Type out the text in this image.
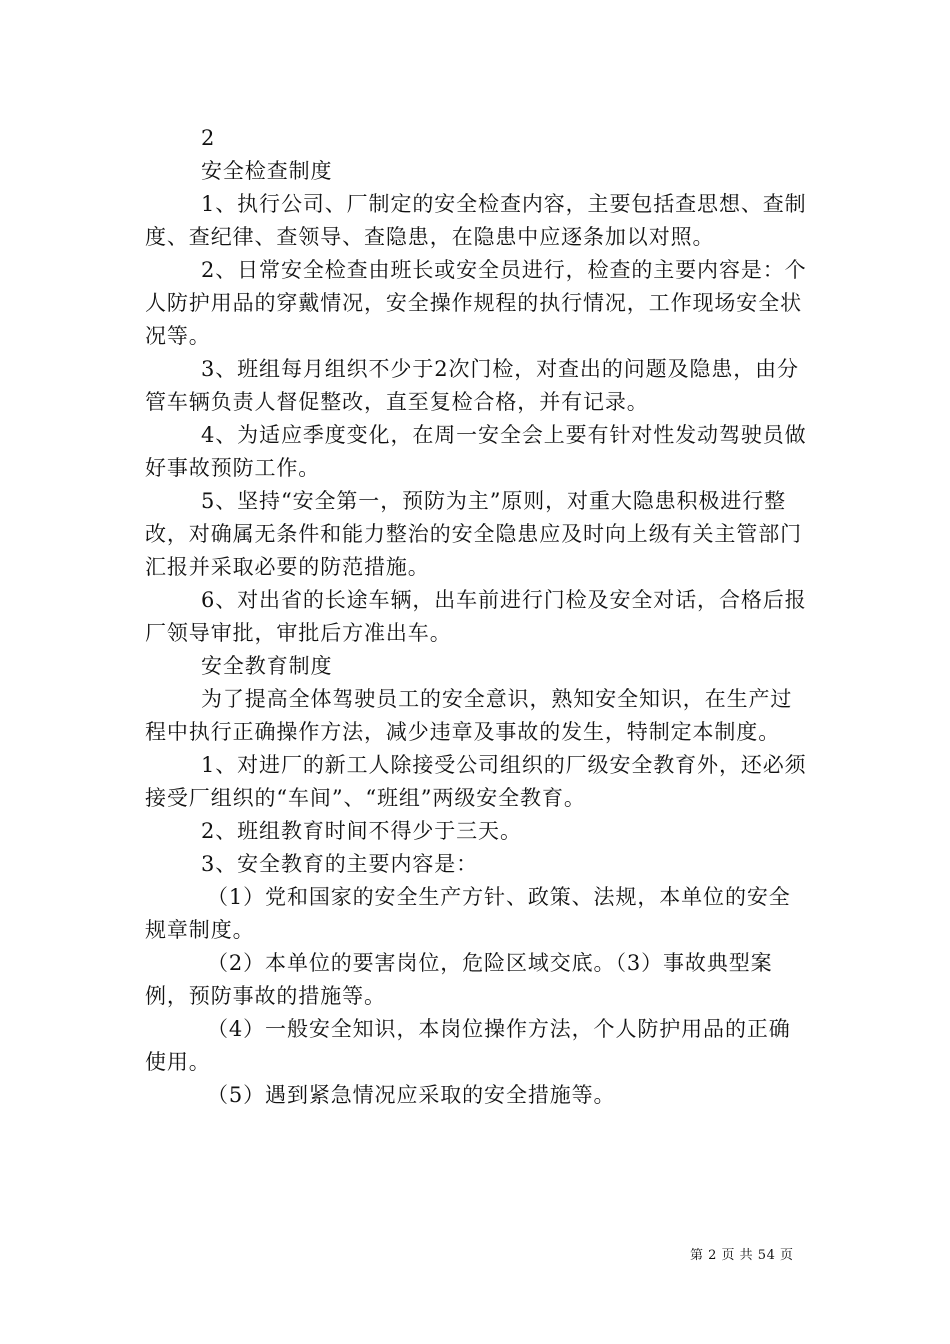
2

安全检查制度

1、执行公司、厂制定的安全检查内容，主要包括查思想、查制度、查纪律、查领导、查隐患，在隐患中应逐条加以对照。

2、日常安全检查由班长或安全员进行，检查的主要内容是：个人防护用品的穿戴情况，安全操作规程的执行情况，工作现场安全状况等。

3、班组每月组织不少于2次门检，对查出的问题及隐患，由分管车辆负责人督促整改，直至复检合格，并有记录。

4、为适应季度变化，在周一安全会上要有针对性发动驾驶员做好事故预防工作。

5、坚持“安全第一，预防为主”原则，对重大隐患积极进行整改，对确属无条件和能力整治的安全隐患应及时向上级有关主管部门汇报并采取必要的防范措施。

6、对出省的长途车辆，出车前进行门检及安全对话，合格后报厂领导审批，审批后方准出车。

安全教育制度

为了提高全体驾驶员工的安全意识，熟知安全知识，在生产过程中执行正确操作方法，减少违章及事故的发生，特制定本制度。

1、对进厂的新工人除接受公司组织的厂级安全教育外，还必须接受厂组织的“车间”、“班组”两级安全教育。

2、班组教育时间不得少于三天。

3、安全教育的主要内容是：

（1）党和国家的安全生产方针、政策、法规，本单位的安全规章制度。

（2）本单位的要害岗位，危险区域交底。（3）事故典型案例，预防事故的措施等。

（4）一般安全知识，本岗位操作方法，个人防护用品的正确使用。

（5）遇到紧急情况应采取的安全措施等。

第 2 页 共 54 页
